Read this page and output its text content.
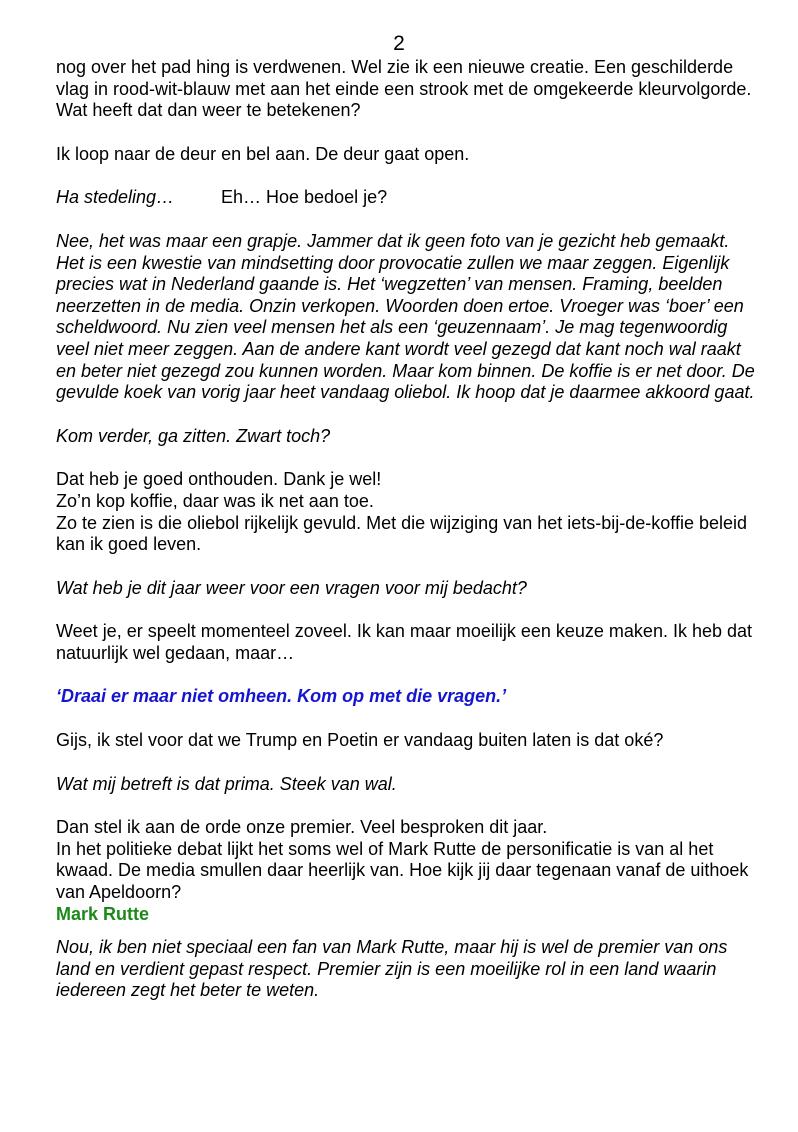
2

nog over het pad hing is verdwenen. Wel zie ik een nieuwe creatie. Een geschilderde vlag in rood-wit-blauw met aan het einde een strook met de omgekeerde kleurvolgorde. Wat heeft dat dan weer te betekenen?

Ik loop naar de deur en bel aan. De deur gaat open.

Ha stedeling…	Eh… Hoe bedoel je?

Nee, het was maar een grapje. Jammer dat ik geen foto van je gezicht heb gemaakt. Het is een kwestie van mindsetting door provocatie zullen we maar zeggen. Eigenlijk precies wat in Nederland gaande is. Het ‘wegzetten’ van mensen. Framing, beelden neerzetten in de media. Onzin verkopen. Woorden doen ertoe. Vroeger was ‘boer’ een scheldwoord. Nu zien veel mensen het als een ‘geuzennaam’. Je mag tegenwoordig veel niet meer zeggen. Aan de andere kant wordt veel gezegd dat kant noch wal raakt en beter niet gezegd zou kunnen worden. Maar kom binnen. De koffie is er net door. De gevulde koek van vorig jaar heet vandaag oliebol. Ik hoop dat je daarmee akkoord gaat.

Kom verder, ga zitten. Zwart toch?

Dat heb je goed onthouden. Dank je wel!
Zo’n kop koffie, daar was ik net aan toe.
Zo te zien is die oliebol rijkelijk gevuld. Met die wijziging van het iets-bij-de-koffie beleid kan ik goed leven.

Wat heb je dit jaar weer voor een vragen voor mij bedacht?

Weet je, er speelt momenteel zoveel. Ik kan maar moeilijk een keuze maken. Ik heb dat natuurlijk wel gedaan, maar…

‘Draai er maar niet omheen. Kom op met die vragen.’

Gijs, ik stel voor dat we Trump en Poetin er vandaag buiten laten is dat oké?

Wat mij betreft is dat prima. Steek van wal.

Dan stel ik aan de orde onze premier. Veel besproken dit jaar.
In het politieke debat lijkt het soms wel of Mark Rutte de personificatie is van al het kwaad. De media smullen daar heerlijk van. Hoe kijk jij daar tegenaan vanaf de uithoek van Apeldoorn?

Mark Rutte

Nou, ik ben niet speciaal een fan van Mark Rutte, maar hij is wel de premier van ons land en verdient gepast respect. Premier zijn is een moeilijke rol in een land waarin iedereen zegt het beter te weten.
